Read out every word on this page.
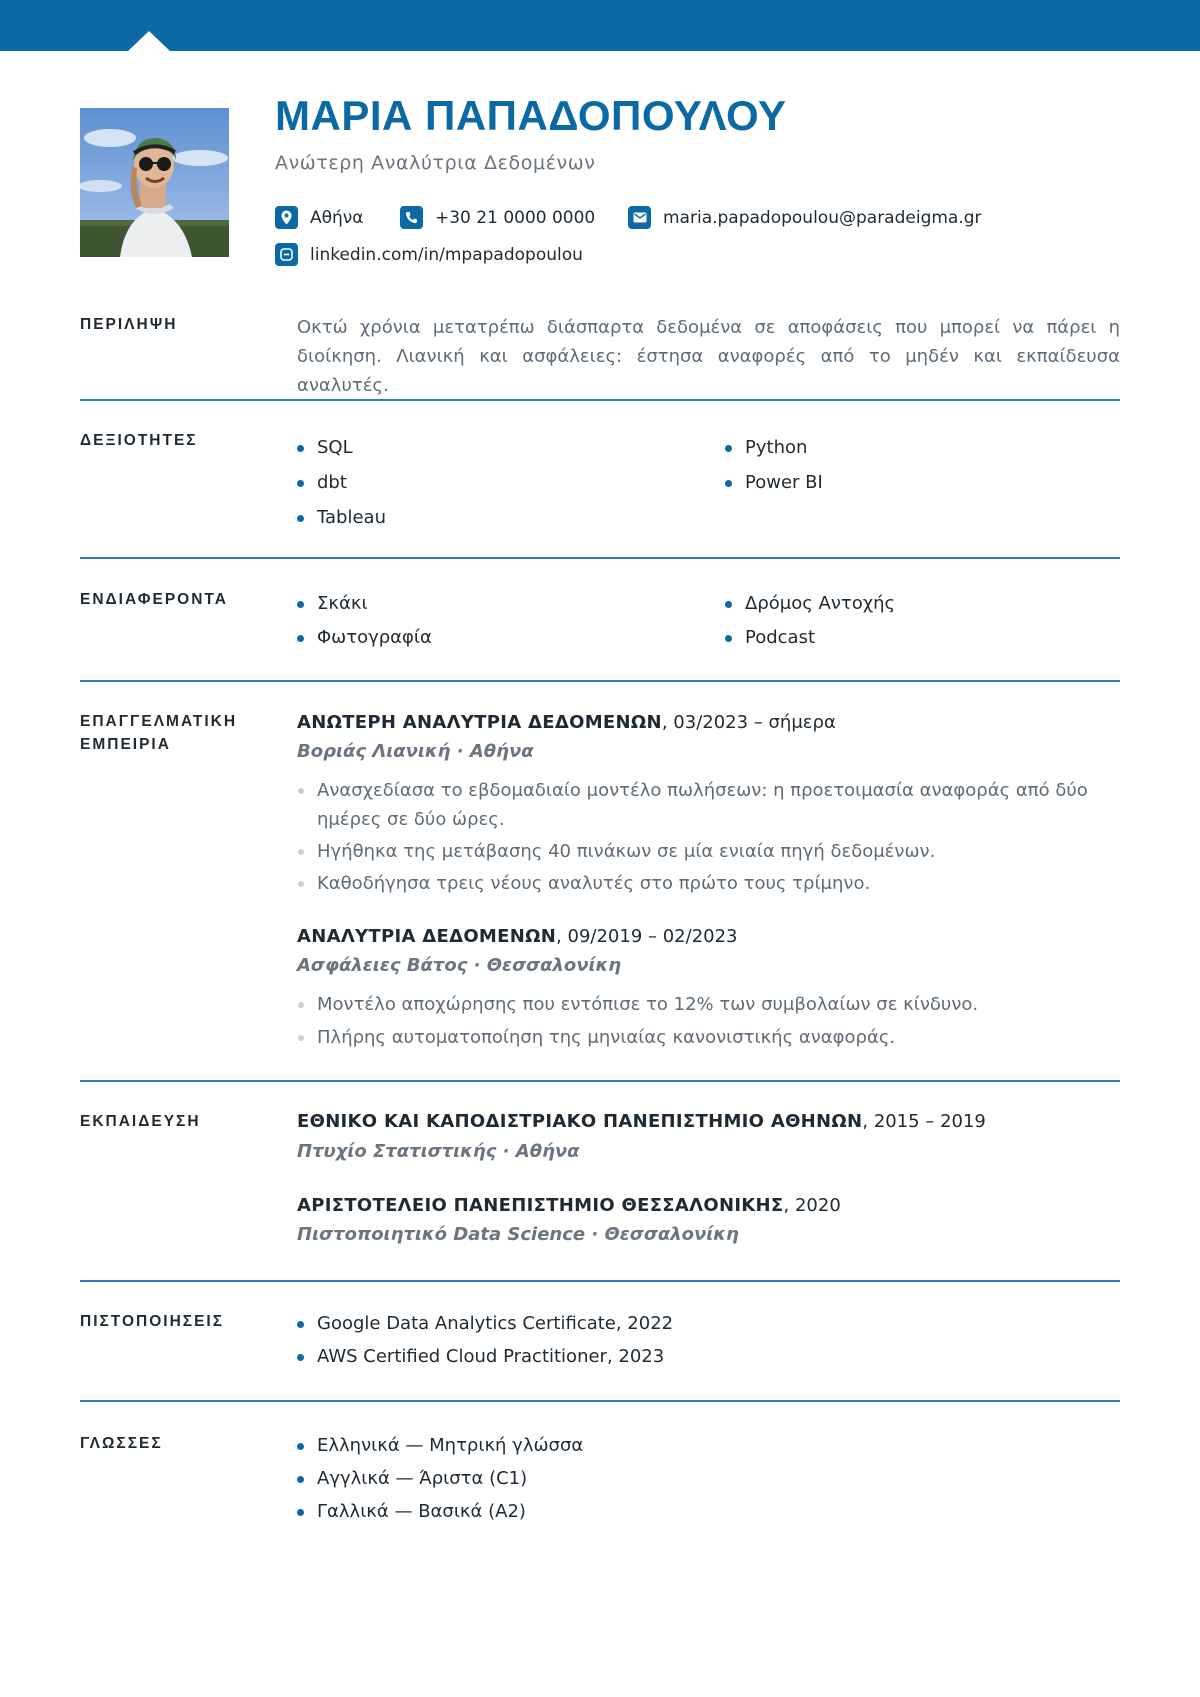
ΜΑΡΙΑ ΠΑΠΑΔΟΠΟΥΛΟΥ
Ανώτερη Αναλύτρια Δεδομένων
Αθήνα	+30 21 0000 0000	maria.papadopoulou@paradeigma.gr
linkedin.com/in/mpapadopoulou
ΠΕΡΙΛΗΨΗ	Οκτώ χρόνια μετατρέπω διάσπαρτα δεδομένα σε αποφάσεις που μπορεί να πάρει η διοίκηση. Λιανική και ασφάλειες: έστησα αναφορές από το μηδέν και εκπαίδευσα αναλυτές.
ΔΕΞΙΟΤΗΤΕΣ	SQL
dbt
Tableau
Python
Power BI
ΕΝΔΙΑΦΕΡΟΝΤΑ	Σκάκι
Φωτογραφία
Δρόμος Αντοχής
Podcast
ΕΠΑΓΓΕΛΜΑΤΙΚΗ
ΕΜΠΕΙΡΙΑ
ΑΝΩΤΕΡΗ ΑΝΑΛΥΤΡΙΑ ΔΕΔΟΜΕΝΩΝ, 03/2023 – σήμερα
Βοριάς Λιανική · Αθήνα
Ανασχεδίασα το εβδομαδιαίο μοντέλο πωλήσεων: η προετοιμασία αναφοράς από δύο ημέρες σε δύο ώρες.
Ηγήθηκα της μετάβασης 40 πινάκων σε μία ενιαία πηγή δεδομένων.
Καθοδήγησα τρεις νέους αναλυτές στο πρώτο τους τρίμηνο.
ΑΝΑΛΥΤΡΙΑ ΔΕΔΟΜΕΝΩΝ, 09/2019 – 02/2023
Ασφάλειες Βάτος · Θεσσαλονίκη
Μοντέλο αποχώρησης που εντόπισε το 12% των συμβολαίων σε κίνδυνο.
Πλήρης αυτοματοποίηση της μηνιαίας κανονιστικής αναφοράς.
ΕΚΠΑΙΔΕΥΣΗ	ΕΘΝΙΚΟ ΚΑΙ ΚΑΠΟΔΙΣΤΡΙΑΚΟ ΠΑΝΕΠΙΣΤΗΜΙΟ ΑΘΗΝΩΝ, 2015 – 2019
Πτυχίο Στατιστικής · Αθήνα
ΑΡΙΣΤΟΤΕΛΕΙΟ ΠΑΝΕΠΙΣΤΗΜΙΟ ΘΕΣΣΑΛΟΝΙΚΗΣ, 2020
Πιστοποιητικό Data Science · Θεσσαλονίκη
ΠΙΣΤΟΠΟΙΗΣΕΙΣ	Google Data Analytics Certificate, 2022
AWS Certified Cloud Practitioner, 2023
ΓΛΩΣΣΕΣ	Ελληνικά — Μητρική γλώσσα
Αγγλικά — Άριστα (C1)
Γαλλικά — Βασικά (A2)
